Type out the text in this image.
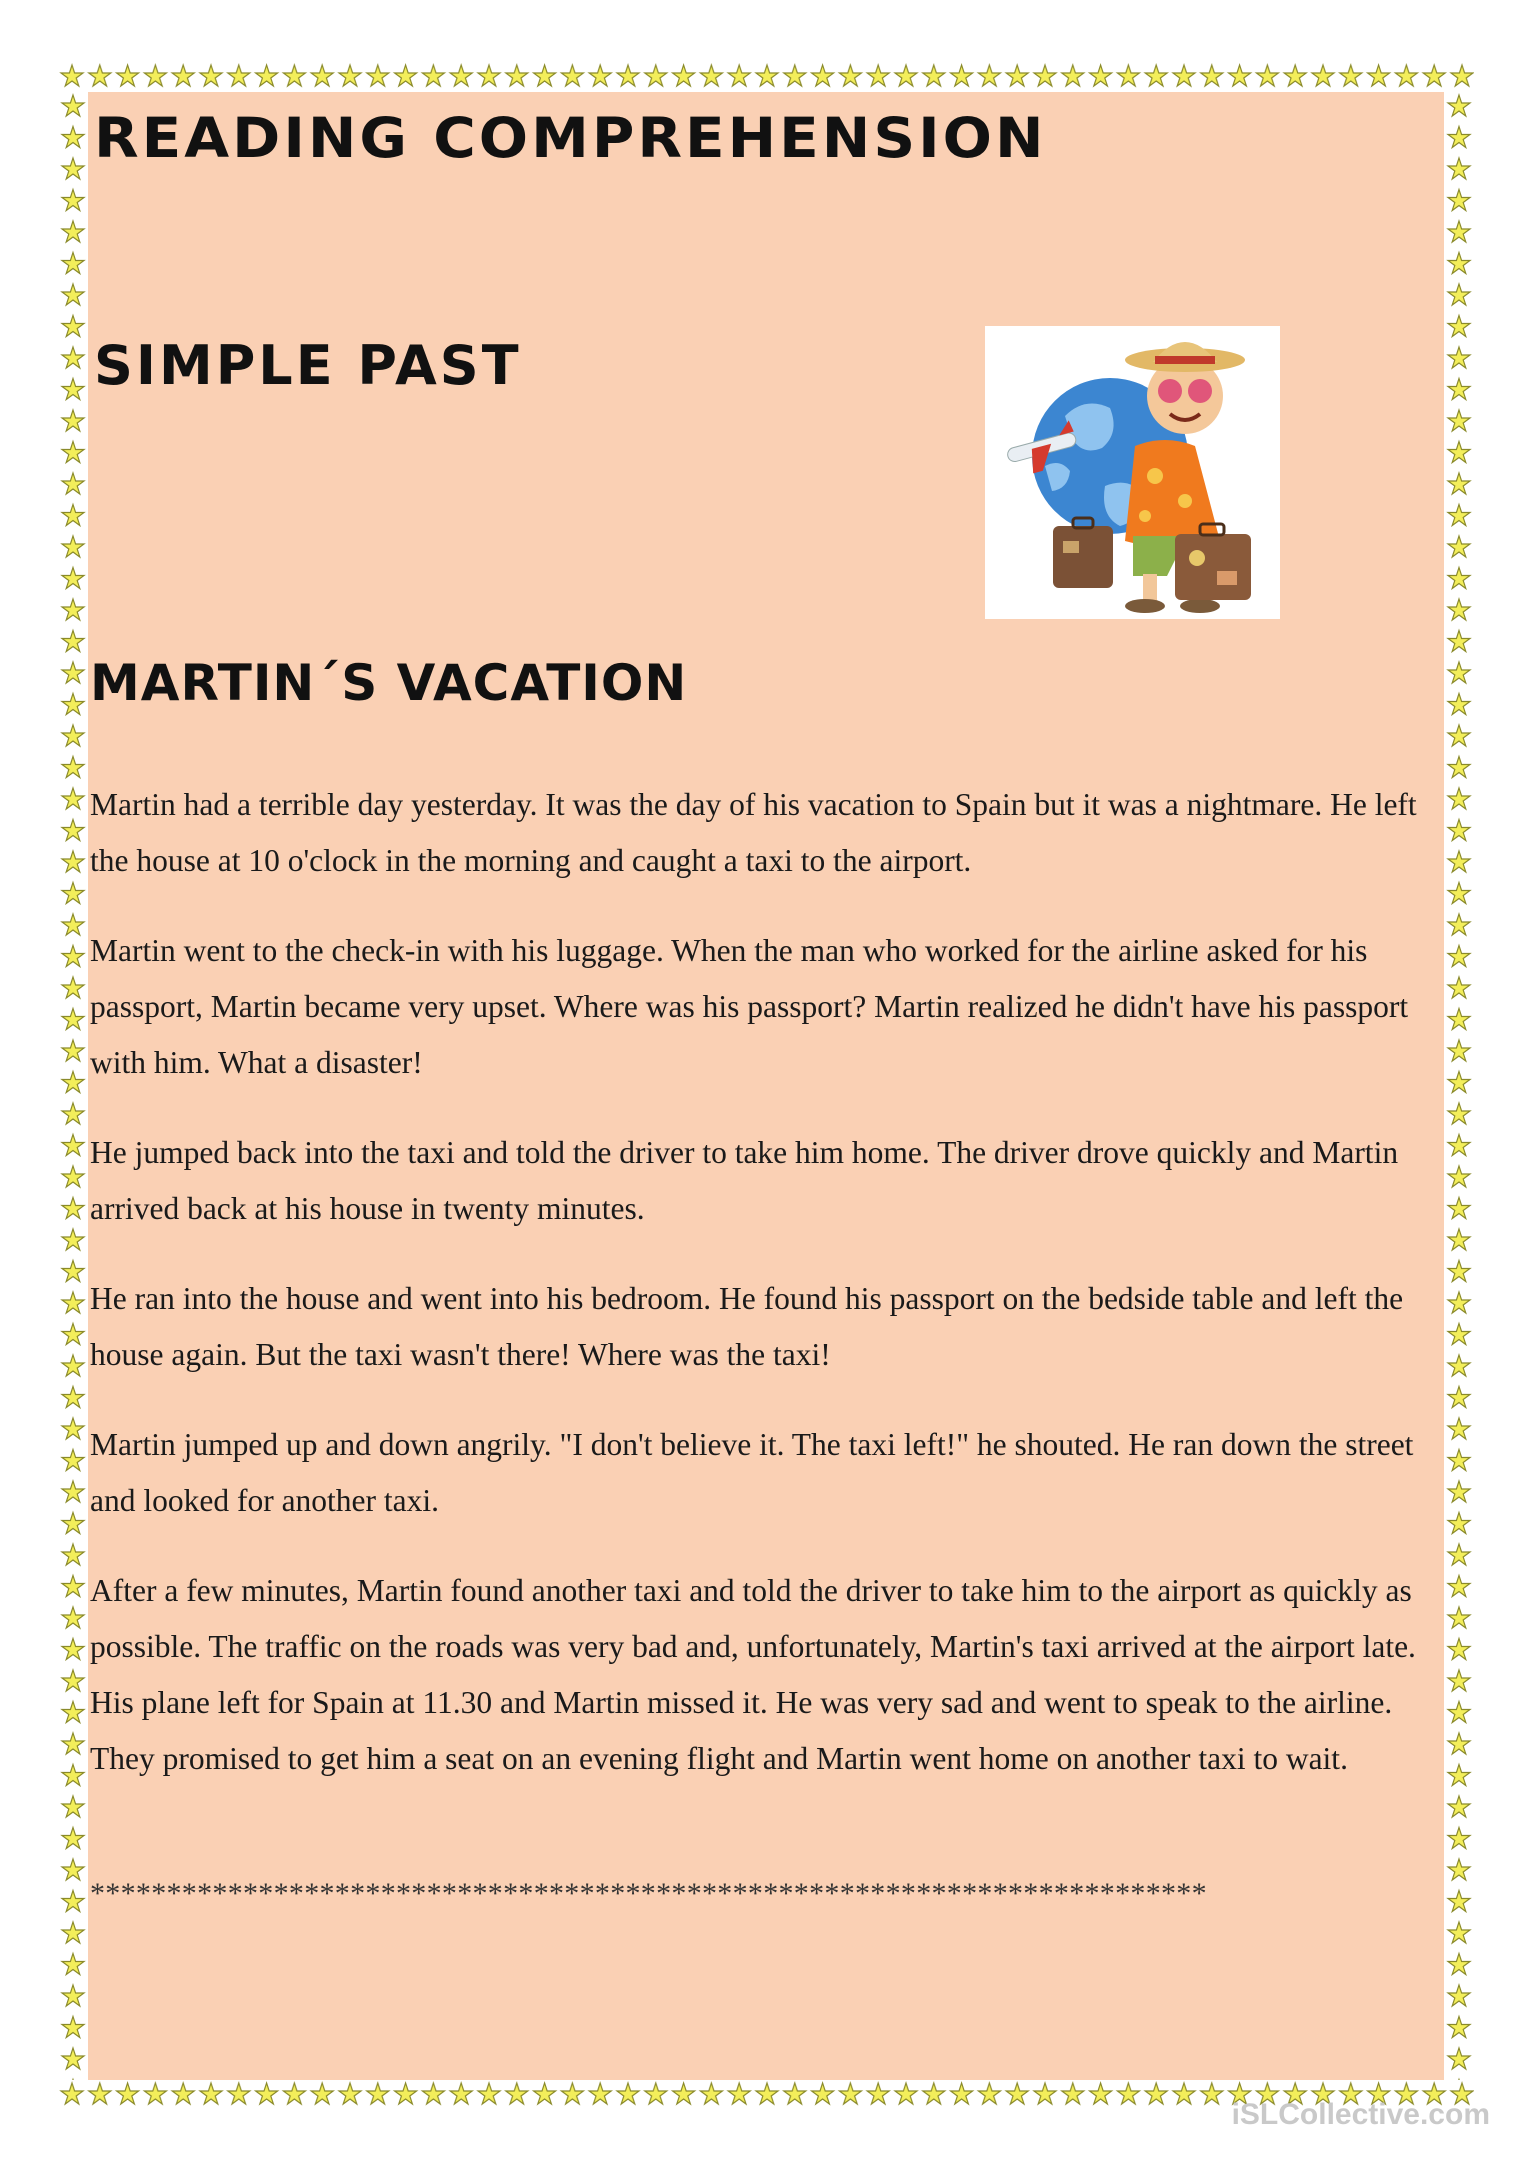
READING COMPREHENSION
SIMPLE PAST
MARTIN´S VACATION

Martin had a terrible day yesterday. It was the day of his vacation to Spain but it was a nightmare. He left the house at 10 o'clock in the morning and caught a taxi to the airport.

Martin went to the check-in with his luggage. When the man who worked for the airline asked for his passport, Martin became very upset. Where was his passport? Martin realized he didn't have his passport with him. What a disaster!

He jumped back into the taxi and told the driver to take him home. The driver drove quickly and Martin arrived back at his house in twenty minutes.

He ran into the house and went into his bedroom. He found his passport on the bedside table and left the house again. But the taxi wasn't there! Where was the taxi!

Martin jumped up and down angrily. "I don't believe it. The taxi left!" he shouted. He ran down the street and looked for another taxi.

After a few minutes, Martin found another taxi and told the driver to take him to the airport as quickly as possible. The traffic on the roads was very bad and, unfortunately, Martin's taxi arrived at the airport late. His plane left for Spain at 11.30 and Martin missed it. He was very sad and went to speak to the airline. They promised to get him a seat on an evening flight and Martin went home on another taxi to wait.

*************************************************************************
iSLCollective.com
